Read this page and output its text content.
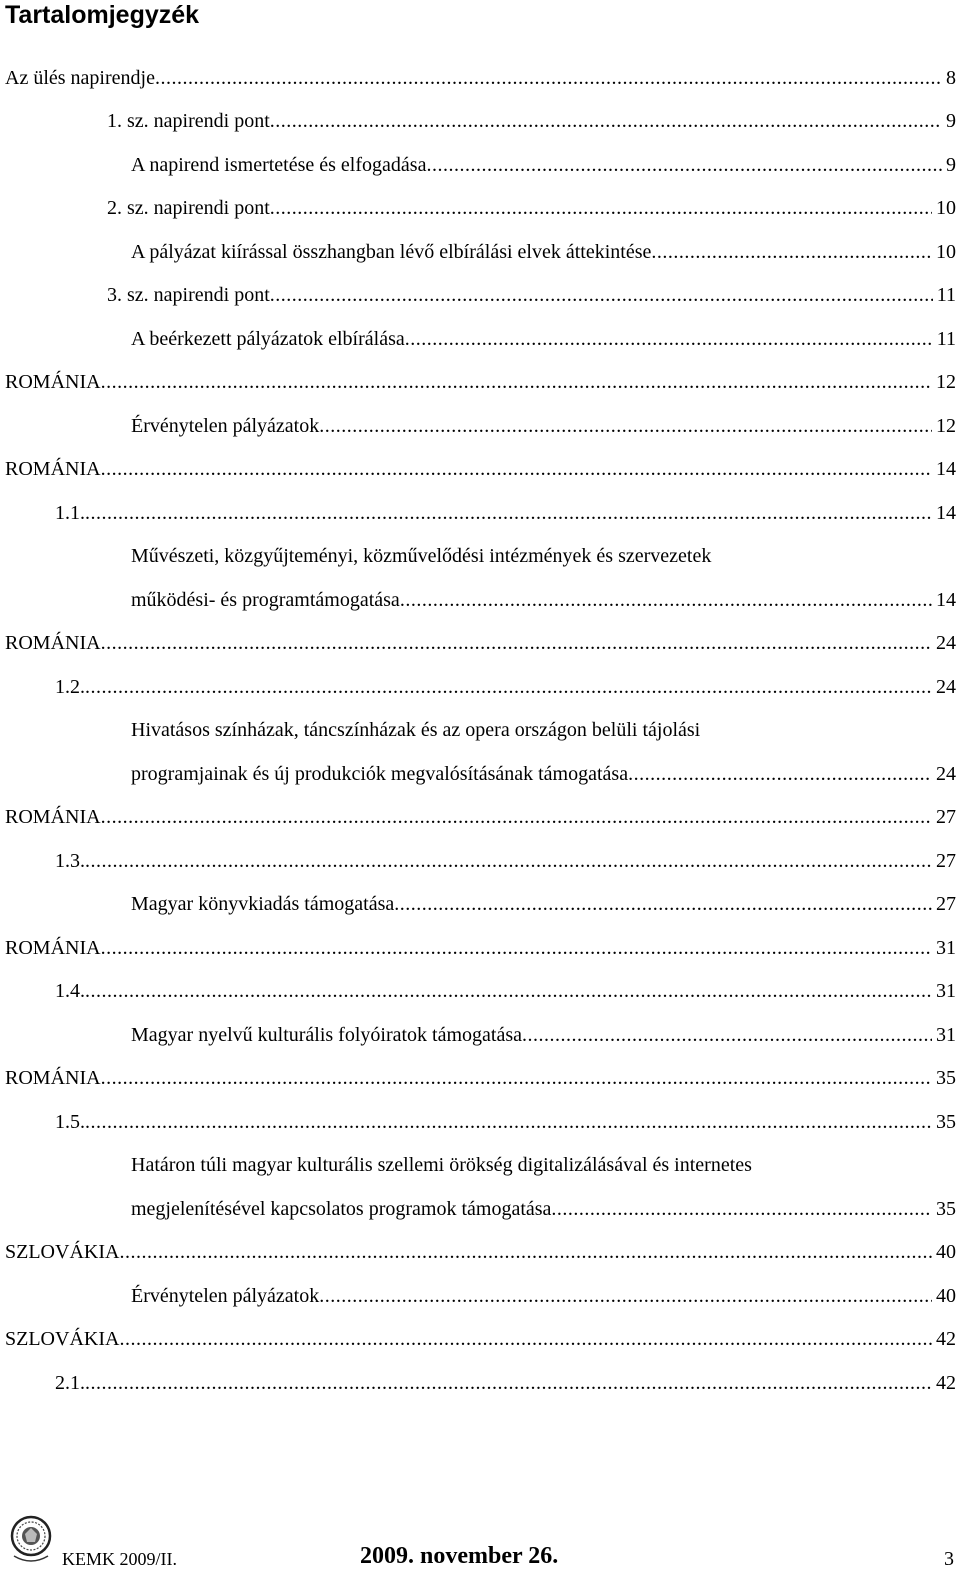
Tartalomjegyzék
Az ülés napirendje .....	8
1. sz. napirendi pont .....	9
A napirend ismertetése és elfogadása .....	9
2. sz. napirendi pont .....	10
A pályázat kiírással összhangban lévő elbírálási elvek áttekintése .....	10
3. sz. napirendi pont .....	11
A beérkezett pályázatok elbírálása .....	11
ROMÁNIA .....	12
Érvénytelen pályázatok .....	12
ROMÁNIA .....	14
1.1. .....	14
Művészeti, közgyűjteményi, közművelődési intézmények és szervezetek
működési- és programtámogatása .....	14
ROMÁNIA .....	24
1.2. .....	24
Hivatásos színházak, táncszínházak és az opera országon belüli tájolási
programjainak és új produkciók megvalósításának támogatása .....	24
ROMÁNIA .....	27
1.3. .....	27
Magyar könyvkiadás támogatása .....	27
ROMÁNIA .....	31
1.4. .....	31
Magyar nyelvű kulturális folyóiratok támogatása .....	31
ROMÁNIA .....	35
1.5. .....	35
Határon túli magyar kulturális szellemi örökség digitalizálásával és internetes
megjelenítésével kapcsolatos programok támogatása .....	35
SZLOVÁKIA .....	40
Érvénytelen pályázatok .....	40
SZLOVÁKIA .....	42
2.1. .....	42
KEMK 2009/II.	2009. november 26.	3
